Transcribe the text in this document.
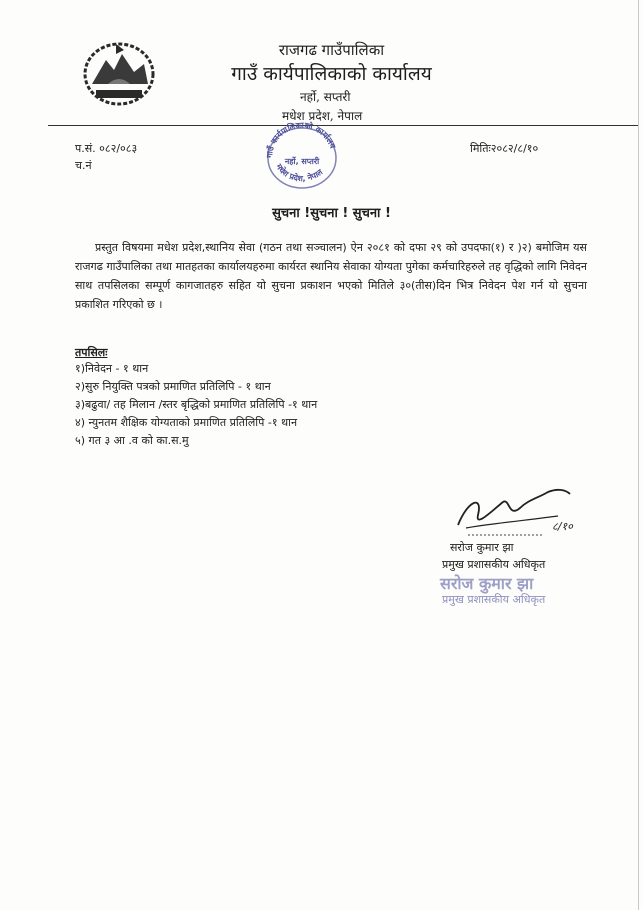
राजगढ गाउँपालिका
गाउँ कार्यपालिकाको कार्यालय
नर्हो, सप्तरी
मधेश प्रदेश, नेपाल
प.सं. ०८२/०८३
च.नं
मितिः२०८२/८/१०
गाउँ कार्यपालिकाको कार्यालय
मधेश प्रदेश, नेपाल
नर्हो, सप्तरी
सुचना !सुचना ! सुचना !
प्रस्तुत विषयमा मधेश प्रदेश,स्थानिय सेवा (गठन तथा सञ्चालन) ऐन २०८१ को दफा २९ को उपदफा(१) र )२) बमोजिम यस राजगढ गाउँपालिका तथा मातहतका कार्यालयहरुमा कार्यरत स्थानिय सेवाका योग्यता पुगेका कर्मचारिहरुले तह वृद्धिको लागि निवेदन साथ तपसिलका सम्पूर्ण कागजातहरु सहित यो सुचना प्रकाशन भएको मितिले ३०(तीस)दिन भित्र निवेदन पेश गर्न यो सुचना प्रकाशित गरिएको छ ।
तपसिलः
१)निवेदन - १ थान
२)सुरु नियुक्ति पत्रको प्रमाणित प्रतिलिपि - १ थान
३)बढुवा/ तह मिलान /स्तर बृद्धिको प्रमाणित प्रतिलिपि -१ थान
४) न्युनतम शैक्षिक योग्यताको प्रमाणित प्रतिलिपि -१ थान
५) गत ३ आ .व को का.स.मु
८/१०
सरोज कुमार झा
प्रमुख प्रशासकीय अधिकृत
सरोज कुमार झा
प्रमुख प्रशासकीय अधिकृत
